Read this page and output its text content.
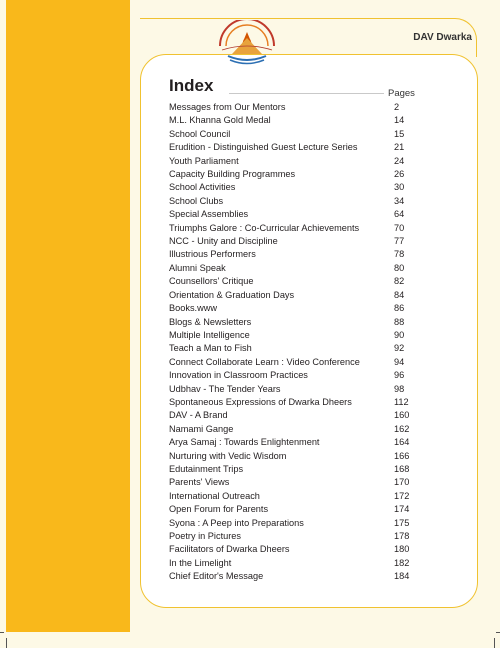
DAV Dwarka
Index	Pages
Messages from Our Mentors	2
M.L. Khanna Gold Medal	14
School Council	15
Erudition - Distinguished Guest Lecture Series	21
Youth Parliament	24
Capacity Building Programmes	26
School Activities	30
School Clubs	34
Special Assemblies	64
Triumphs Galore : Co-Curricular Achievements	70
NCC - Unity and Discipline	77
Illustrious Performers	78
Alumni Speak	80
Counsellors' Critique	82
Orientation & Graduation Days	84
Books.www	86
Blogs & Newsletters	88
Multiple Intelligence	90
Teach a Man to Fish	92
Connect Collaborate Learn : Video Conference	94
Innovation in Classroom Practices	96
Udbhav - The Tender Years	98
Spontaneous Expressions of Dwarka Dheers	112
DAV - A Brand	160
Namami Gange	162
Arya Samaj : Towards Enlightenment	164
Nurturing with Vedic Wisdom	166
Edutainment Trips	168
Parents' Views	170
International Outreach	172
Open Forum for Parents	174
Syona : A Peep into Preparations	175
Poetry in Pictures	178
Facilitators of Dwarka Dheers	180
In the Limelight	182
Chief Editor's Message	184
